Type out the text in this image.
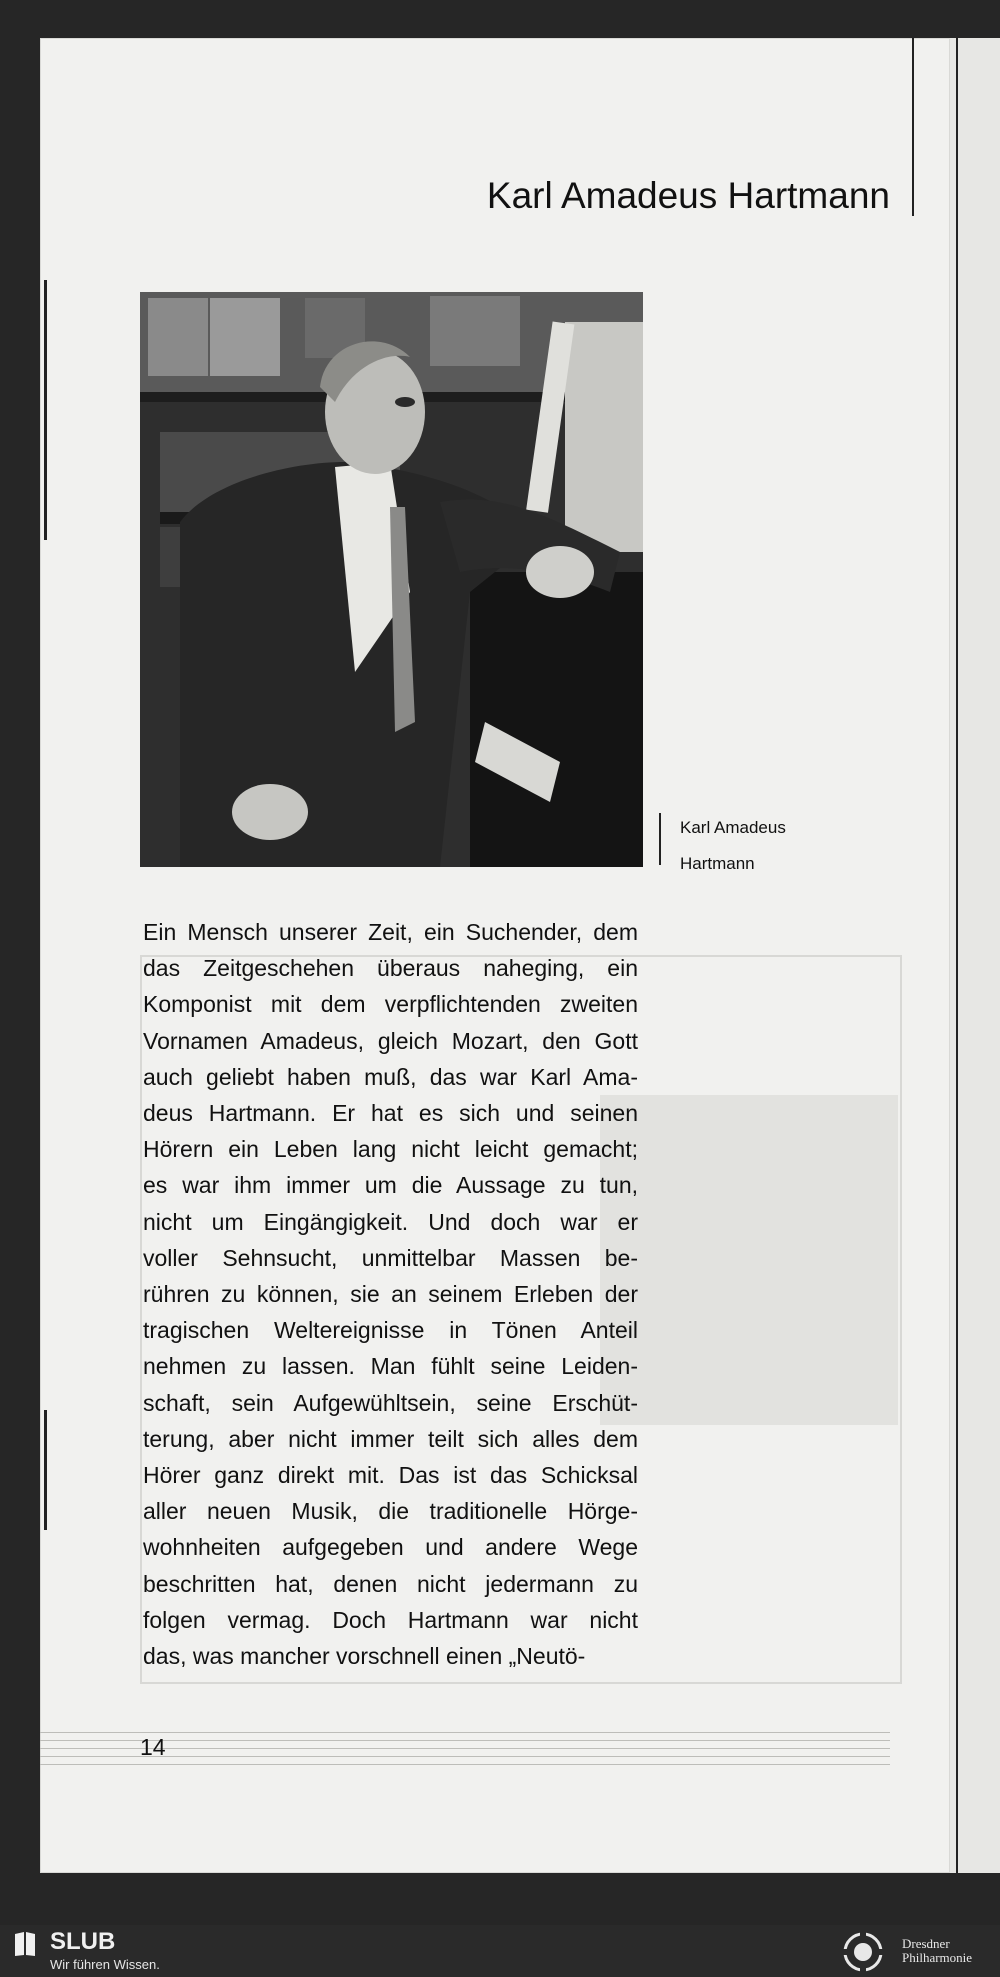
Karl Amadeus Hartmann
Karl Amadeus
Hartmann
Ein Mensch unserer Zeit, ein Suchender, dem
das Zeitgeschehen überaus naheging, ein
Komponist mit dem verpflichtenden zweiten
Vornamen Amadeus, gleich Mozart, den Gott
auch geliebt haben muß, das war Karl Ama-
deus Hartmann. Er hat es sich und seinen
Hörern ein Leben lang nicht leicht gemacht;
es war ihm immer um die Aussage zu tun,
nicht um Eingängigkeit. Und doch war er
voller Sehnsucht, unmittelbar Massen be-
rühren zu können, sie an seinem Erleben der
tragischen Weltereignisse in Tönen Anteil
nehmen zu lassen. Man fühlt seine Leiden-
schaft, sein Aufgewühltsein, seine Erschüt-
terung, aber nicht immer teilt sich alles dem
Hörer ganz direkt mit. Das ist das Schicksal
aller neuen Musik, die traditionelle Hörge-
wohnheiten aufgegeben und andere Wege
beschritten hat, denen nicht jedermann zu
folgen vermag. Doch Hartmann war nicht
das, was mancher vorschnell einen „Neutö-
14
SLUB
Wir führen Wissen.
Dresdner
Philharmonie
